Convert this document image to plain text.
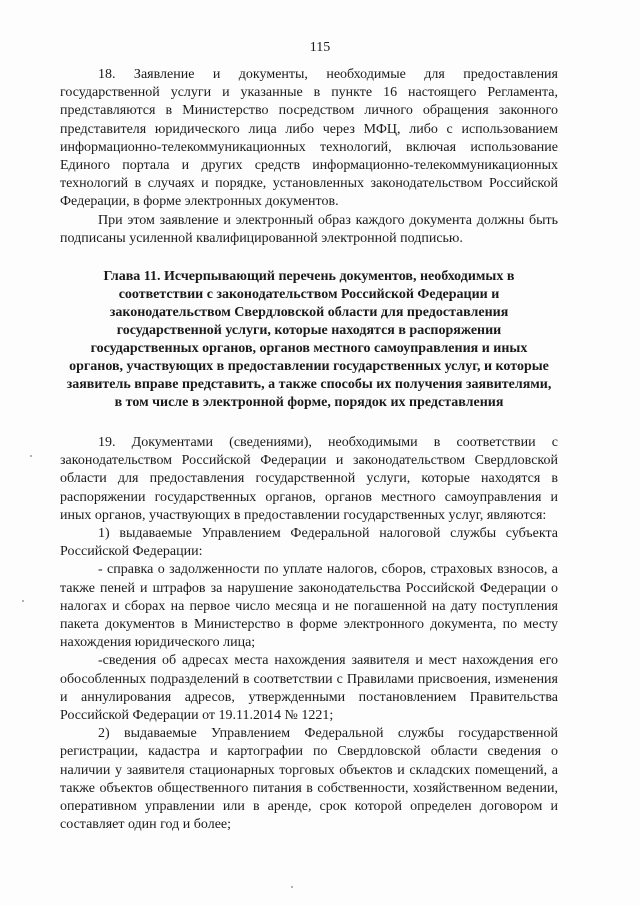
115

18. Заявление и документы, необходимые для предоставления государственной услуги и указанные в пункте 16 настоящего Регламента, представляются в Министерство посредством личного обращения законного представителя юридического лица либо через МФЦ, либо с использованием информационно-телекоммуникационных технологий, включая использование Единого портала и других средств информационно-телекоммуникационных технологий в случаях и порядке, установленных законодательством Российской Федерации, в форме электронных документов.

При этом заявление и электронный образ каждого документа должны быть подписаны усиленной квалифицированной электронной подписью.

Глава 11. Исчерпывающий перечень документов, необходимых в соответствии с законодательством Российской Федерации и законодательством Свердловской области для предоставления государственной услуги, которые находятся в распоряжении государственных органов, органов местного самоуправления и иных органов, участвующих в предоставлении государственных услуг, и которые заявитель вправе представить, а также способы их получения заявителями, в том числе в электронной форме, порядок их представления

19. Документами (сведениями), необходимыми в соответствии с законодательством Российской Федерации и законодательством Свердловской области для предоставления государственной услуги, которые находятся в распоряжении государственных органов, органов местного самоуправления и иных органов, участвующих в предоставлении государственных услуг, являются:

1) выдаваемые Управлением Федеральной налоговой службы субъекта Российской Федерации:

- справка о задолженности по уплате налогов, сборов, страховых взносов, а также пеней и штрафов за нарушение законодательства Российской Федерации о налогах и сборах на первое число месяца и не погашенной на дату поступления пакета документов в Министерство в форме электронного документа, по месту нахождения юридического лица;

-сведения об адресах места нахождения заявителя и мест нахождения его обособленных подразделений в соответствии с Правилами присвоения, изменения и аннулирования адресов, утвержденными постановлением Правительства Российской Федерации от 19.11.2014 № 1221;

2) выдаваемые Управлением Федеральной службы государственной регистрации, кадастра и картографии по Свердловской области сведения о наличии у заявителя стационарных торговых объектов и складских помещений, а также объектов общественного питания в собственности, хозяйственном ведении, оперативном управлении или в аренде, срок которой определен договором и составляет один год и более;
